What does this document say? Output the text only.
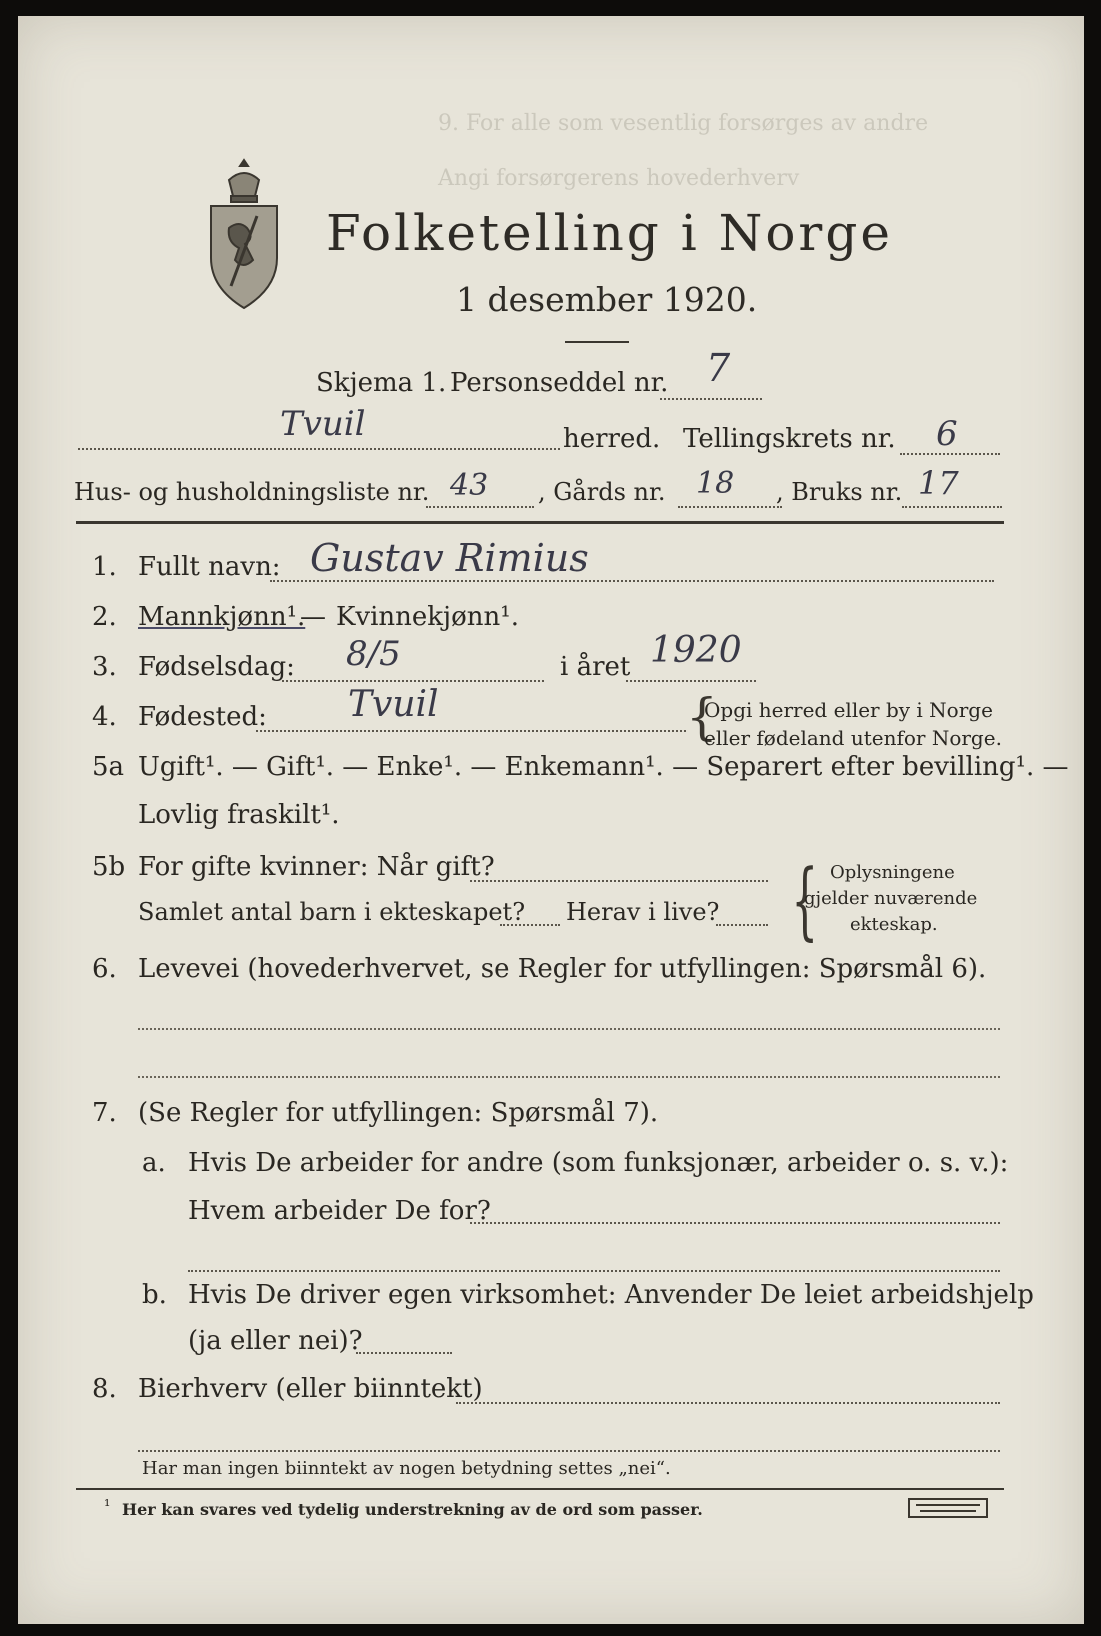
9. For alle som vesentlig forsørges av andre
Angi forsørgerens hovederhverv
Folketelling i Norge
1 desember 1920.
Skjema 1. Personseddel nr. 7
Tvuil	herred. Tellingskrets nr. 6
Hus- og husholdningsliste nr. 43 , Gårds nr. 18 , Bruks nr. 17
1. Fullt navn: Gustav Rimius
2. Mannkjønn¹.
— Kvinnekjønn¹.
3. Fødselsdag: 8/5	i året 1920
4. Fødested: Tvuil	{
Opgi herred eller by i Norge
eller fødeland utenfor Norge.
5a Ugift¹. — Gift¹. — Enke¹. — Enkemann¹. — Separert efter bevilling¹. —
Lovlig fraskilt¹.
5b For gifte kvinner: Når gift?
Samlet antal barn i ekteskapet? Herav i live? { Oplysningene
gjelder nuværende
ekteskap.
6. Levevei (hovederhvervet, se Regler for utfyllingen: Spørsmål 6).
7. (Se Regler for utfyllingen: Spørsmål 7).
a. Hvis De arbeider for andre (som funksjonær, arbeider o. s. v.):
Hvem arbeider De for?
b. Hvis De driver egen virksomhet: Anvender De leiet arbeidshjelp
(ja eller nei)?
8. Bierhverv (eller biinntekt)
Har man ingen biinntekt av nogen betydning settes „nei“.
¹ Her kan svares ved tydelig understrekning av de ord som passer.
